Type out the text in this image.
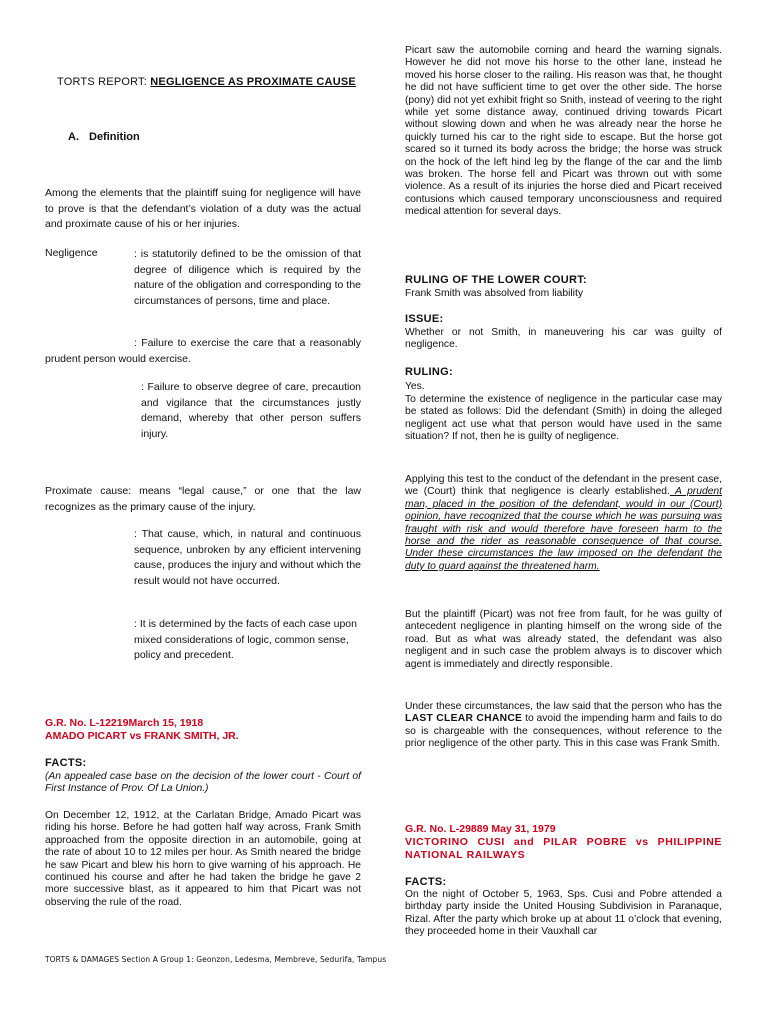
TORTS REPORT: NEGLIGENCE AS PROXIMATE CAUSE
A. Definition

Among the elements that the plaintiff suing for negligence will have to prove is that the defendant’s violation of a duty was the actual and proximate cause of his or her injuries.

Negligence	: is statutorily defined to be the omission of that degree of diligence which is required by the nature of the obligation and corresponding to the circumstances of persons, time and place.

: Failure to exercise the care that a reasonably prudent person would exercise.

: Failure to observe degree of care, precaution and vigilance that the circumstances justly demand, whereby that other person suffers injury.

Proximate cause: means “legal cause,” or one that the law recognizes as the primary cause of the injury.

: That cause, which, in natural and continuous sequence, unbroken by any efficient intervening cause, produces the injury and without which the result would not have occurred.

: It is determined by the facts of each case upon mixed considerations of logic, common sense, policy and precedent.

G.R. No. L-12219March 15, 1918
AMADO PICART vs FRANK SMITH, JR.
FACTS:

(An appealed case base on the decision of the lower court - Court of First Instance of Prov. Of La Union.)

On December 12, 1912, at the Carlatan Bridge, Amado Picart was riding his horse. Before he had gotten half way across, Frank Smith approached from the opposite direction in an automobile, going at the rate of about 10 to 12 miles per hour. As Smith neared the bridge he saw Picart and blew his horn to give warning of his approach. He continued his course and after he had taken the bridge he gave 2 more successive blast, as it appeared to him that Picart was not observing the rule of the road.

Picart saw the automobile coming and heard the warning signals. However he did not move his horse to the other lane, instead he moved his horse closer to the railing. His reason was that, he thought he did not have sufficient time to get over the other side. The horse (pony) did not yet exhibit fright so Snith, instead of veering to the right while yet some distance away, continued driving towards Picart without slowing down and when he was already near the horse he quickly turned his car to the right side to escape. But the horse got scared so it turned its body across the bridge; the horse was struck on the hock of the left hind leg by the flange of the car and the limb was broken. The horse fell and Picart was thrown out with some violence. As a result of its injuries the horse died and Picart received contusions which caused temporary unconsciousness and required medical attention for several days.

RULING OF THE LOWER COURT:

Frank Smith was absolved from liability

ISSUE:

Whether or not Smith, in maneuvering his car was guilty of negligence.

RULING:

Yes.

To determine the existence of negligence in the particular case may be stated as follows: Did the defendant (Smith) in doing the alleged negligent act use what that person would have used in the same situation? If not, then he is guilty of negligence.

Applying this test to the conduct of the defendant in the present case, we (Court) think that negligence is clearly established. A prudent man, placed in the position of the defendant, would in our (Court) opinion, have recognized that the course which he was pursuing was fraught with risk and would therefore have foreseen harm to the horse and the rider as reasonable consequence of that course. Under these circumstances the law imposed on the defendant the duty to guard against the threatened harm.

But the plaintiff (Picart) was not free from fault, for he was guilty of antecedent negligence in planting himself on the wrong side of the road. But as what was already stated, the defendant was also negligent and in such case the problem always is to discover which agent is immediately and directly responsible.

Under these circumstances, the law said that the person who has the LAST CLEAR CHANCE to avoid the impending harm and fails to do so is chargeable with the consequences, without reference to the prior negligence of the other party. This in this case was Frank Smith.

G.R. No. L-29889 May 31, 1979
VICTORINO CUSI and PILAR POBRE vs PHILIPPINE NATIONAL RAILWAYS
FACTS:

On the night of October 5, 1963, Sps. Cusi and Pobre attended a birthday party inside the United Housing Subdivision in Paranaque, Rizal. After the party which broke up at about 11 o’clock that evening, they proceeded home in their Vauxhall car

TORTS & DAMAGES Section A Group 1: Geonzon, Ledesma, Membreve, Sedurifa, Tampus
